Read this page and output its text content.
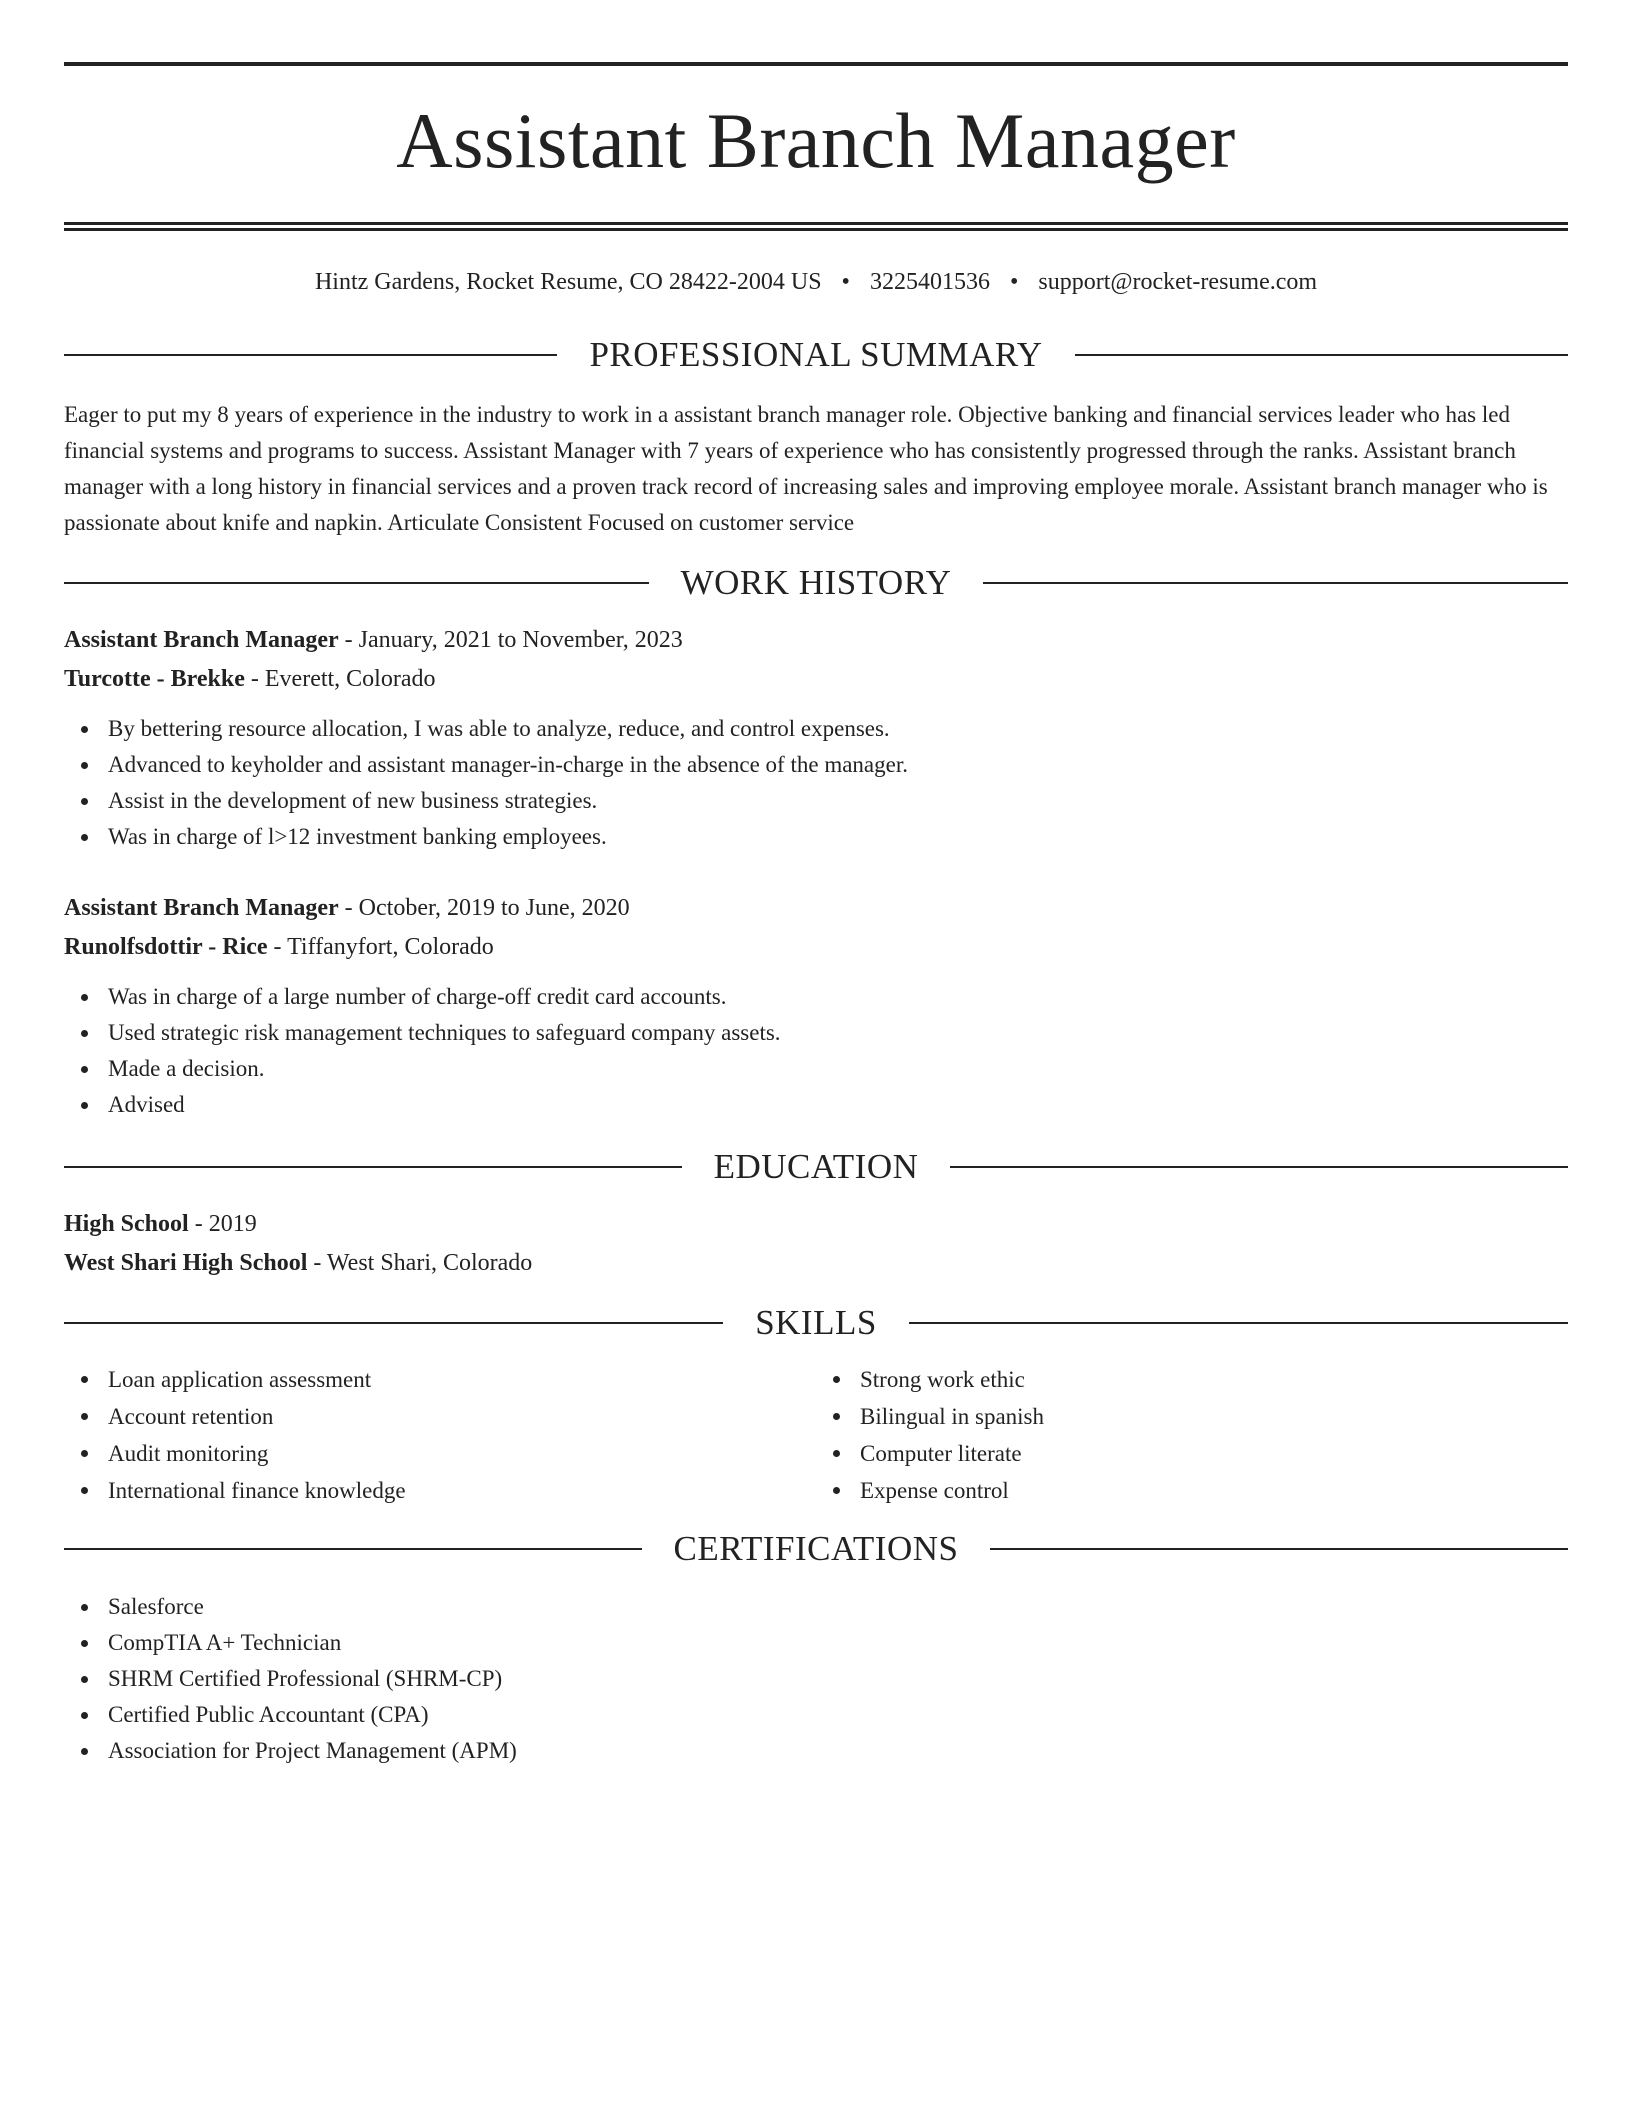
Assistant Branch Manager
Hintz Gardens, Rocket Resume, CO 28422-2004 US • 3225401536 • support@rocket-resume.com
PROFESSIONAL SUMMARY

Eager to put my 8 years of experience in the industry to work in a assistant branch manager role. Objective banking and financial services leader who has led financial systems and programs to success. Assistant Manager with 7 years of experience who has consistently progressed through the ranks. Assistant branch manager with a long history in financial services and a proven track record of increasing sales and improving employee morale. Assistant branch manager who is passionate about knife and napkin. Articulate Consistent Focused on customer service

WORK HISTORY
Assistant Branch Manager - January, 2021 to November, 2023
Turcotte - Brekke - Everett, Colorado
By bettering resource allocation, I was able to analyze, reduce, and control expenses.
Advanced to keyholder and assistant manager-in-charge in the absence of the manager.
Assist in the development of new business strategies.
Was in charge of l>12 investment banking employees.
Assistant Branch Manager - October, 2019 to June, 2020
Runolfsdottir - Rice - Tiffanyfort, Colorado
Was in charge of a large number of charge-off credit card accounts.
Used strategic risk management techniques to safeguard company assets.
Made a decision.
Advised
EDUCATION
High School - 2019
West Shari High School - West Shari, Colorado
SKILLS
Loan application assessment
Account retention
Audit monitoring
International finance knowledge
Strong work ethic
Bilingual in spanish
Computer literate
Expense control
CERTIFICATIONS
Salesforce
CompTIA A+ Technician
SHRM Certified Professional (SHRM-CP)
Certified Public Accountant (CPA)
Association for Project Management (APM)
